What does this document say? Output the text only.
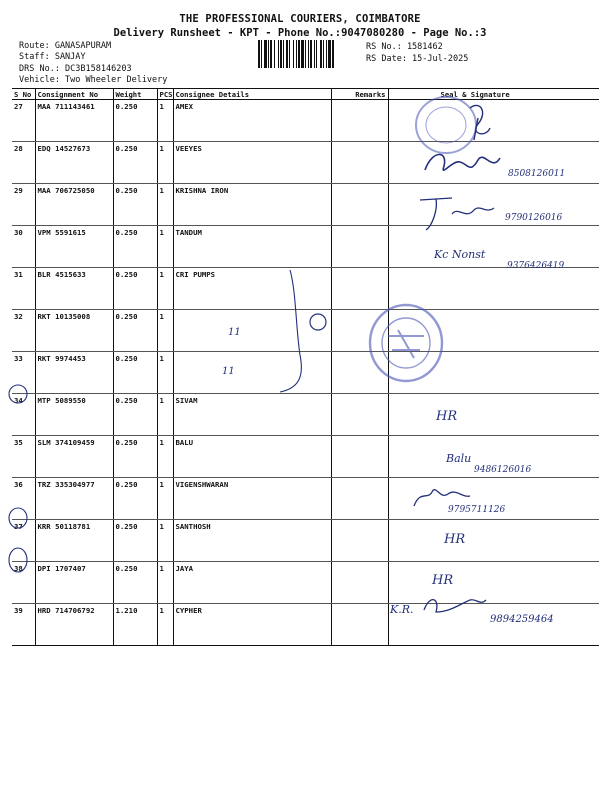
THE PROFESSIONAL COURIERS, COIMBATORE
Delivery Runsheet - KPT - Phone No.:9047080280 - Page No.:3
Route: GANASAPURAM
Staff: SANJAY
DRS No.: DC3B158146203
Vehicle: Two Wheeler Delivery
RS No.: 1581462
RS Date: 15-Jul-2025
S No	Consignment No	Weight	PCS	Consignee Details	Remarks	Seal & Signature
27	MAA 711143461	0.250	1	AMEX		
28	EDQ 14527673	0.250	1	VEEYES		
29	MAA 706725050	0.250	1	KRISHNA IRON		
30	VPM 5591615	0.250	1	TANDUM		
31	BLR 4515633	0.250	1	CRI PUMPS		
32	RKT 10135008	0.250	1			
33	RKT 9974453	0.250	1			
34	MTP 5089550	0.250	1	SIVAM		
35	SLM 374109459	0.250	1	BALU		
36	TRZ 335304977	0.250	1	VIGENSHWARAN		
37	KRR 50118781	0.250	1	SANTHOSH		
38	DPI 1707407	0.250	1	JAYA		
39	HRD 714706792	1.210	1	CYPHER		
11
11
8508126011
9790126016
Kc Nonst
9376426419
HR
Balu
9486126016
9795711126
HR
HR
K.R.
9894259464
